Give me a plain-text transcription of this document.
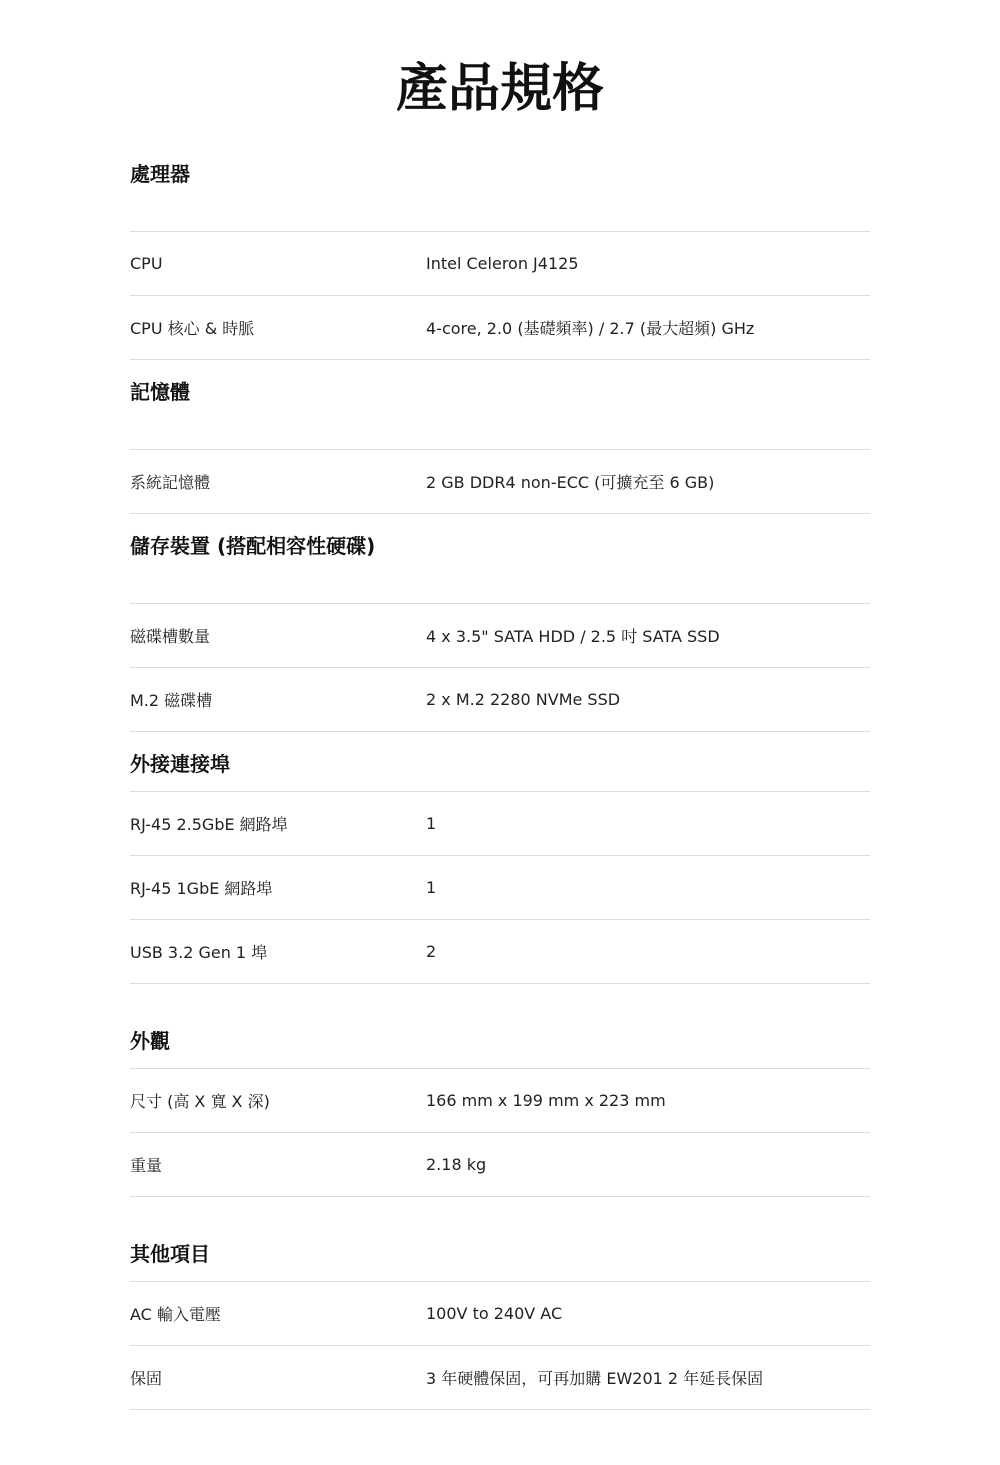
產品規格
處理器
CPU	Intel Celeron J4125
CPU 核心 & 時脈	4-core, 2.0 (基礎頻率) / 2.7 (最大超頻) GHz
記憶體
系統記憶體	2 GB DDR4 non-ECC (可擴充至 6 GB)
儲存裝置 (搭配相容性硬碟)
磁碟槽數量	4 x 3.5" SATA HDD / 2.5 吋 SATA SSD
M.2 磁碟槽	2 x M.2 2280 NVMe SSD
外接連接埠
RJ-45 2.5GbE 網路埠	1
RJ-45 1GbE 網路埠	1
USB 3.2 Gen 1 埠	2
外觀
尺寸 (高 X 寬 X 深)	166 mm x 199 mm x 223 mm
重量	2.18 kg
其他項目
AC 輸入電壓	100V to 240V AC
保固	3 年硬體保固，可再加購 EW201 2 年延長保固
